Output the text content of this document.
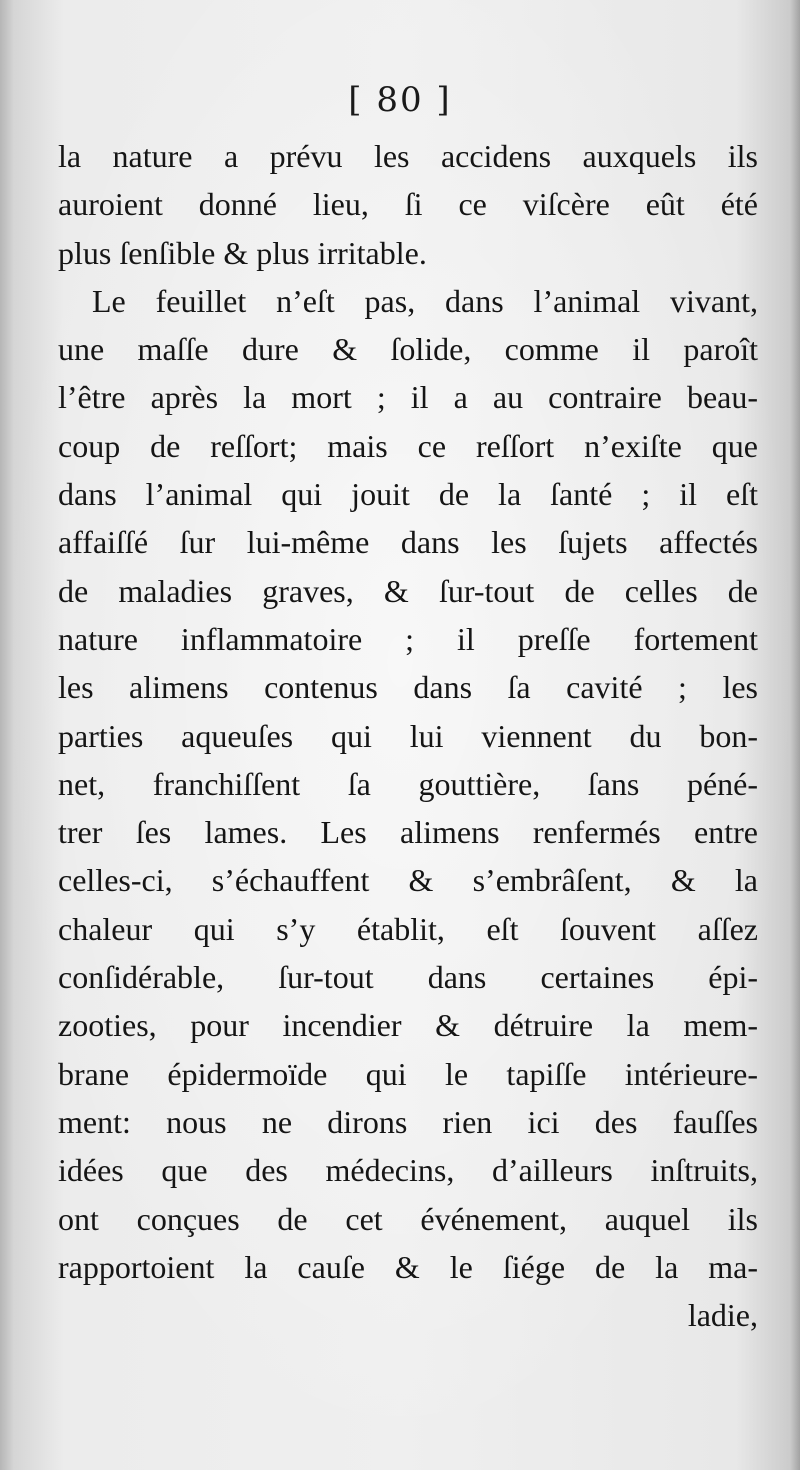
[ 80 ]
la nature a prévu les accidens auxquels ils
auroient donné lieu, ſi ce viſcère eût été
plus ſenſible & plus irritable.
Le feuillet n’eſt pas, dans l’animal vivant,
une maſſe dure & ſolide, comme il paroît
l’être après la mort ; il a au contraire beau-
coup de reſſort; mais ce reſſort n’exiſte que
dans l’animal qui jouit de la ſanté ; il eſt
affaiſſé ſur lui-même dans les ſujets affectés
de maladies graves, & ſur-tout de celles de
nature inflammatoire ; il preſſe fortement
les alimens contenus dans ſa cavité ; les
parties aqueuſes qui lui viennent du bon-
net, franchiſſent ſa gouttière, ſans péné-
trer ſes lames. Les alimens renfermés entre
celles-ci, s’échauffent & s’embrâſent, & la
chaleur qui s’y établit, eſt ſouvent aſſez
conſidérable, ſur-tout dans certaines épi-
zooties, pour incendier & détruire la mem-
brane épidermoïde qui le tapiſſe intérieure-
ment: nous ne dirons rien ici des fauſſes
idées que des médecins, d’ailleurs inſtruits,
ont conçues de cet événement, auquel ils
rapportoient la cauſe & le ſiége de la ma-
ladie,
